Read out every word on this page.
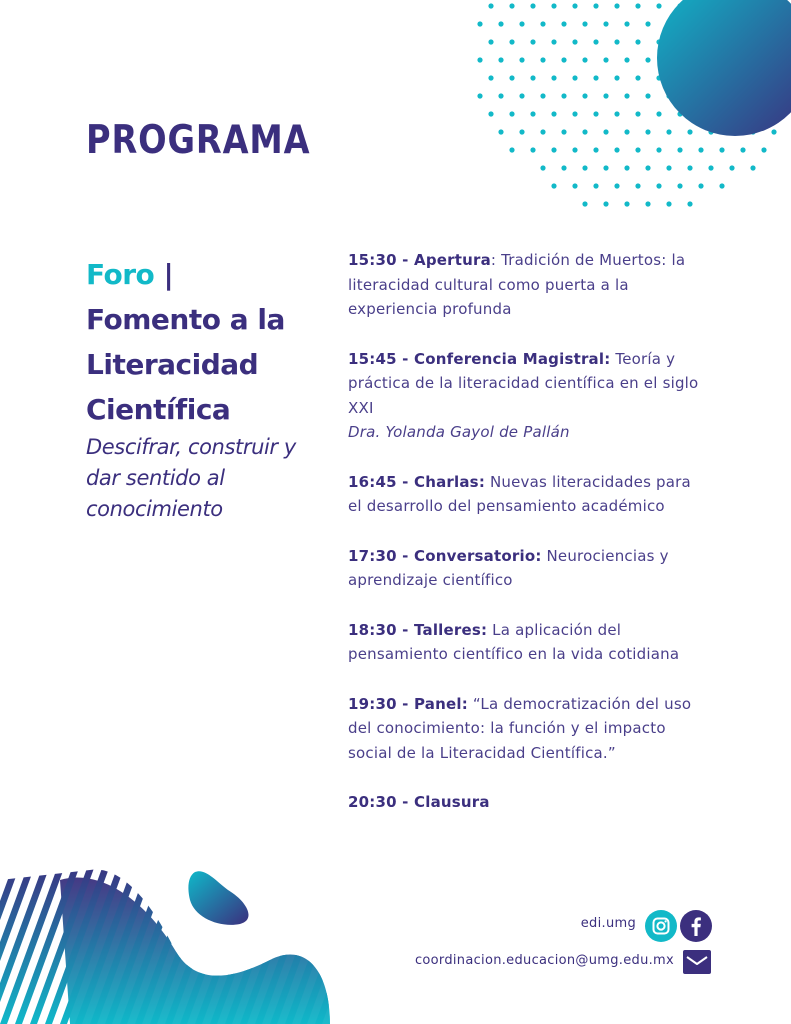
PROGRAMA
Foro |
Fomento a la
Literacidad
Científica

Descifrar, construir y dar sentido al conocimiento

15:30 - Apertura: Tradición de Muertos: la literacidad cultural como puerta a la experiencia profunda

15:45 - Conferencia Magistral: Teoría y práctica de la literacidad científica en el siglo XXI
Dra. Yolanda Gayol de Pallán

16:45 - Charlas: Nuevas literacidades para el desarrollo del pensamiento académico

17:30 - Conversatorio: Neurociencias y aprendizaje científico

18:30 - Talleres: La aplicación del pensamiento científico en la vida cotidiana

19:30 - Panel: “La democratización del uso del conocimiento: la función y el impacto social de la Literacidad Científica.”

20:30 - Clausura

edi.umg
coordinacion.educacion@umg.edu.mx
